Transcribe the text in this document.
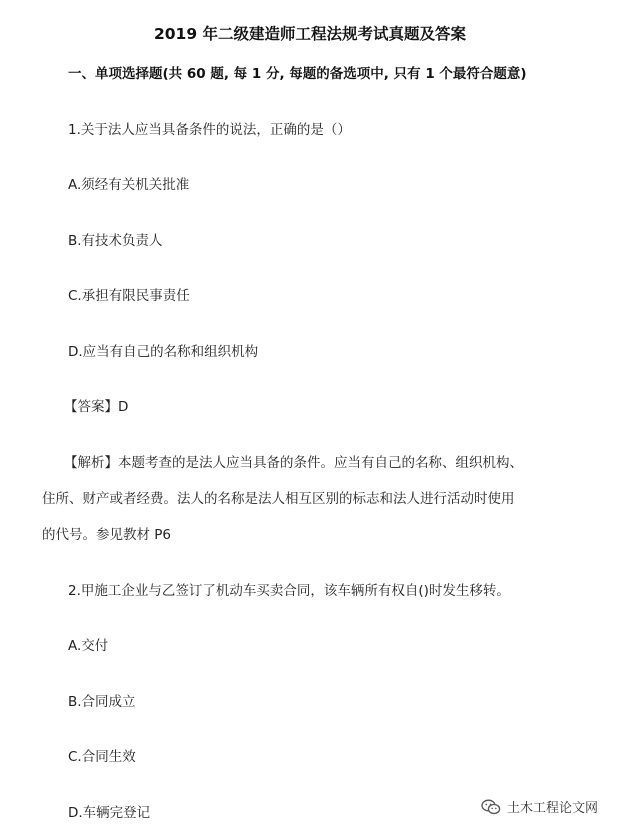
2019 年二级建造师工程法规考试真题及答案
一、单项选择题(共 60 题, 每 1 分, 每题的备选项中, 只有 1 个最符合题意)
1.关于法人应当具备条件的说法，正确的是（）
A.须经有关机关批准
B.有技术负责人
C.承担有限民事责任
D.应当有自己的名称和组织机构
【答案】D
【解析】本题考查的是法人应当具备的条件。应当有自己的名称、组织机构、
住所、财产或者经费。法人的名称是法人相互区别的标志和法人进行活动时使用
的代号。参见教材 P6
2.甲施工企业与乙签订了机动车买卖合同，该车辆所有权自()时发生移转。
A.交付
B.合同成立
C.合同生效
D.车辆完登记	土木工程论文网
